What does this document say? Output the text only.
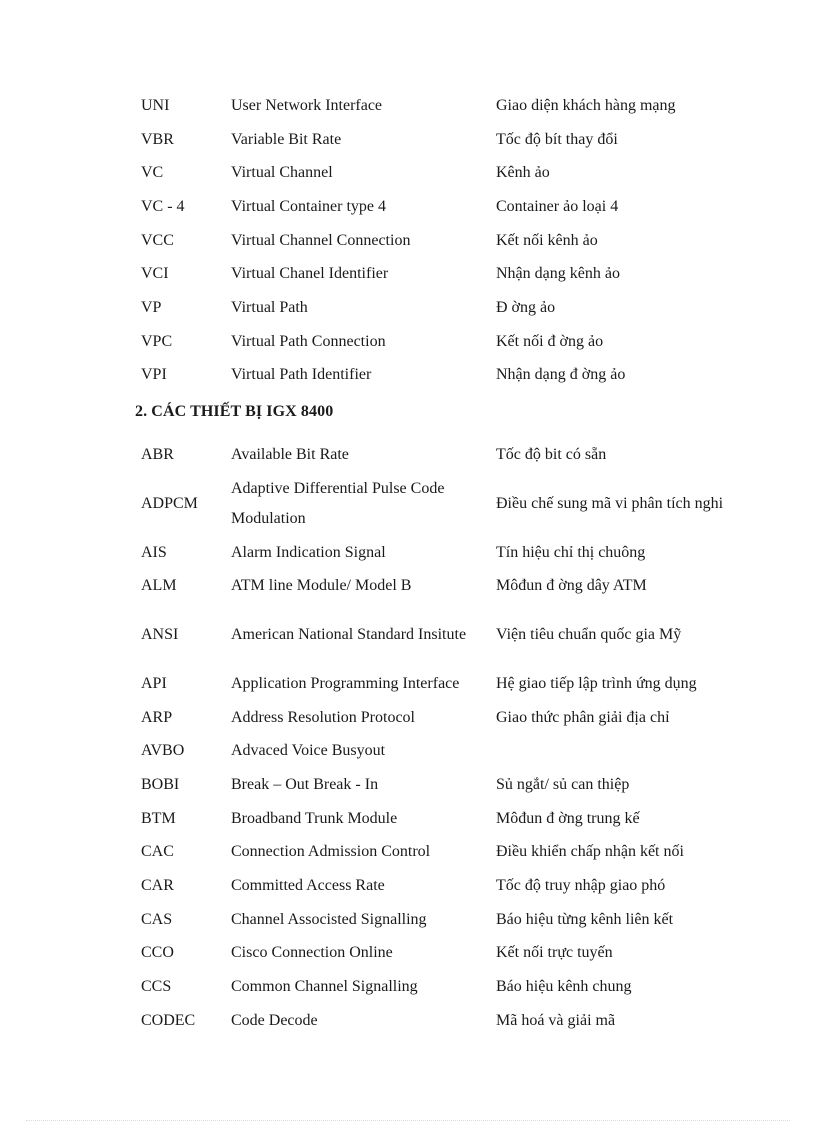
UNI	User Network Interface	Giao diện khách hàng mạng
VBR	Variable Bit Rate	Tốc độ bít thay đổi
VC	Virtual Channel	Kênh ảo
VC - 4	Virtual Container type 4	Container ảo loại 4
VCC	Virtual Channel Connection	Kết nối kênh ảo
VCI	Virtual Chanel Identifier	Nhận dạng kênh ảo
VP	Virtual Path	Đ ờng ảo
VPC	Virtual Path Connection	Kết nối đ ờng ảo
VPI	Virtual Path Identifier	Nhận dạng đ ờng ảo
2. CÁC THIẾT BỊ IGX 8400
ABR	Available Bit Rate	Tốc độ bit có sẵn
ADPCM	Adaptive Differential Pulse Code Modulation	Điều chế sung mã vi phân tích nghi
AIS	Alarm Indication Signal	Tín hiệu chỉ thị chuông
ALM	ATM line Module/ Model B	Môđun đ ờng dây ATM
ANSI	American National Standard Insitute	Viện tiêu chuẩn quốc gia Mỹ
API	Application Programming Interface	Hệ giao tiếp lập trình ứng dụng
ARP	Address Resolution Protocol	Giao thức phân giải địa chỉ
AVBO	Advaced Voice Busyout	
BOBI	Break – Out Break - In	Sủ ngắt/ sủ can thiệp
BTM	Broadband Trunk Module	Môđun đ ờng trung kế
CAC	Connection Admission Control	Điều khiển chấp nhận kết nối
CAR	Committed Access Rate	Tốc độ truy nhập giao phó
CAS	Channel Associsted Signalling	Báo hiệu từng kênh liên kết
CCO	Cisco Connection Online	Kết nối trực tuyến
CCS	Common Channel Signalling	Báo hiệu kênh chung
CODEC	Code Decode	Mã hoá và giải mã
